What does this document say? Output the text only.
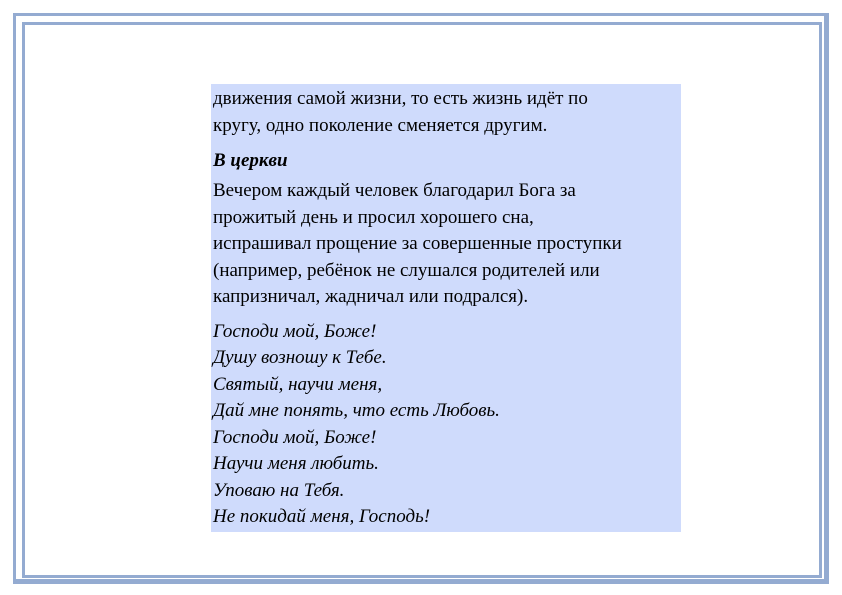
движения самой жизни, то есть жизнь идёт по
кругу, одно поколение сменяется другим.

В церкви

Вечером каждый человек благодарил Бога за
прожитый день и просил хорошего сна,
испрашивал прощение за совершенные проступки
(например, ребёнок не слушался родителей или
капризничал, жадничал или подрался).

Господи мой, Боже!
Душу возношу к Тебе.
Святый, научи меня,
Дай мне понять, что есть Любовь.
Господи мой, Боже!
Научи меня любить.
Уповаю на Тебя.
Не покидай меня, Господь!
